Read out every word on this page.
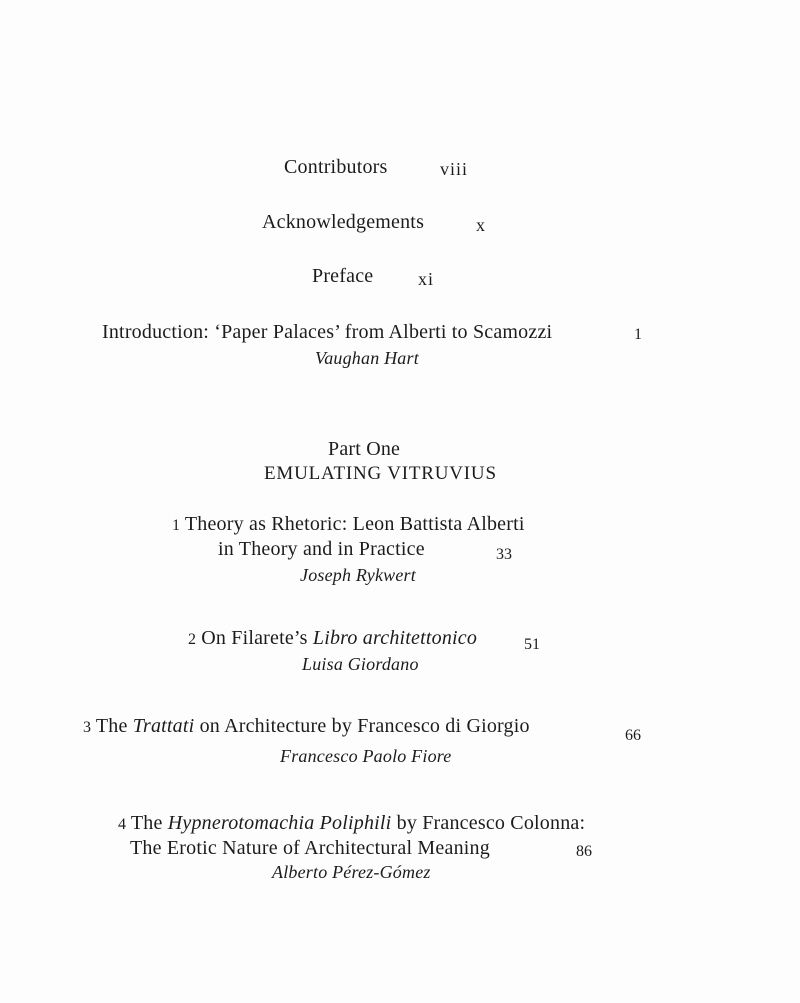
Contributors	viii
Acknowledgements	x
Preface xi
Introduction: ‘Paper Palaces’ from Alberti to Scamozzi	1
Vaughan Hart
Part One
EMULATING VITRUVIUS
1 Theory as Rhetoric: Leon Battista Alberti
in Theory and in Practice	33
Joseph Rykwert
2 On Filarete’s Libro architettonico	51
Luisa Giordano
3 The Trattati on Architecture by Francesco di Giorgio	66
Francesco Paolo Fiore
4 The Hypnerotomachia Poliphili by Francesco Colonna:
The Erotic Nature of Architectural Meaning	86
Alberto Pérez-Gómez
